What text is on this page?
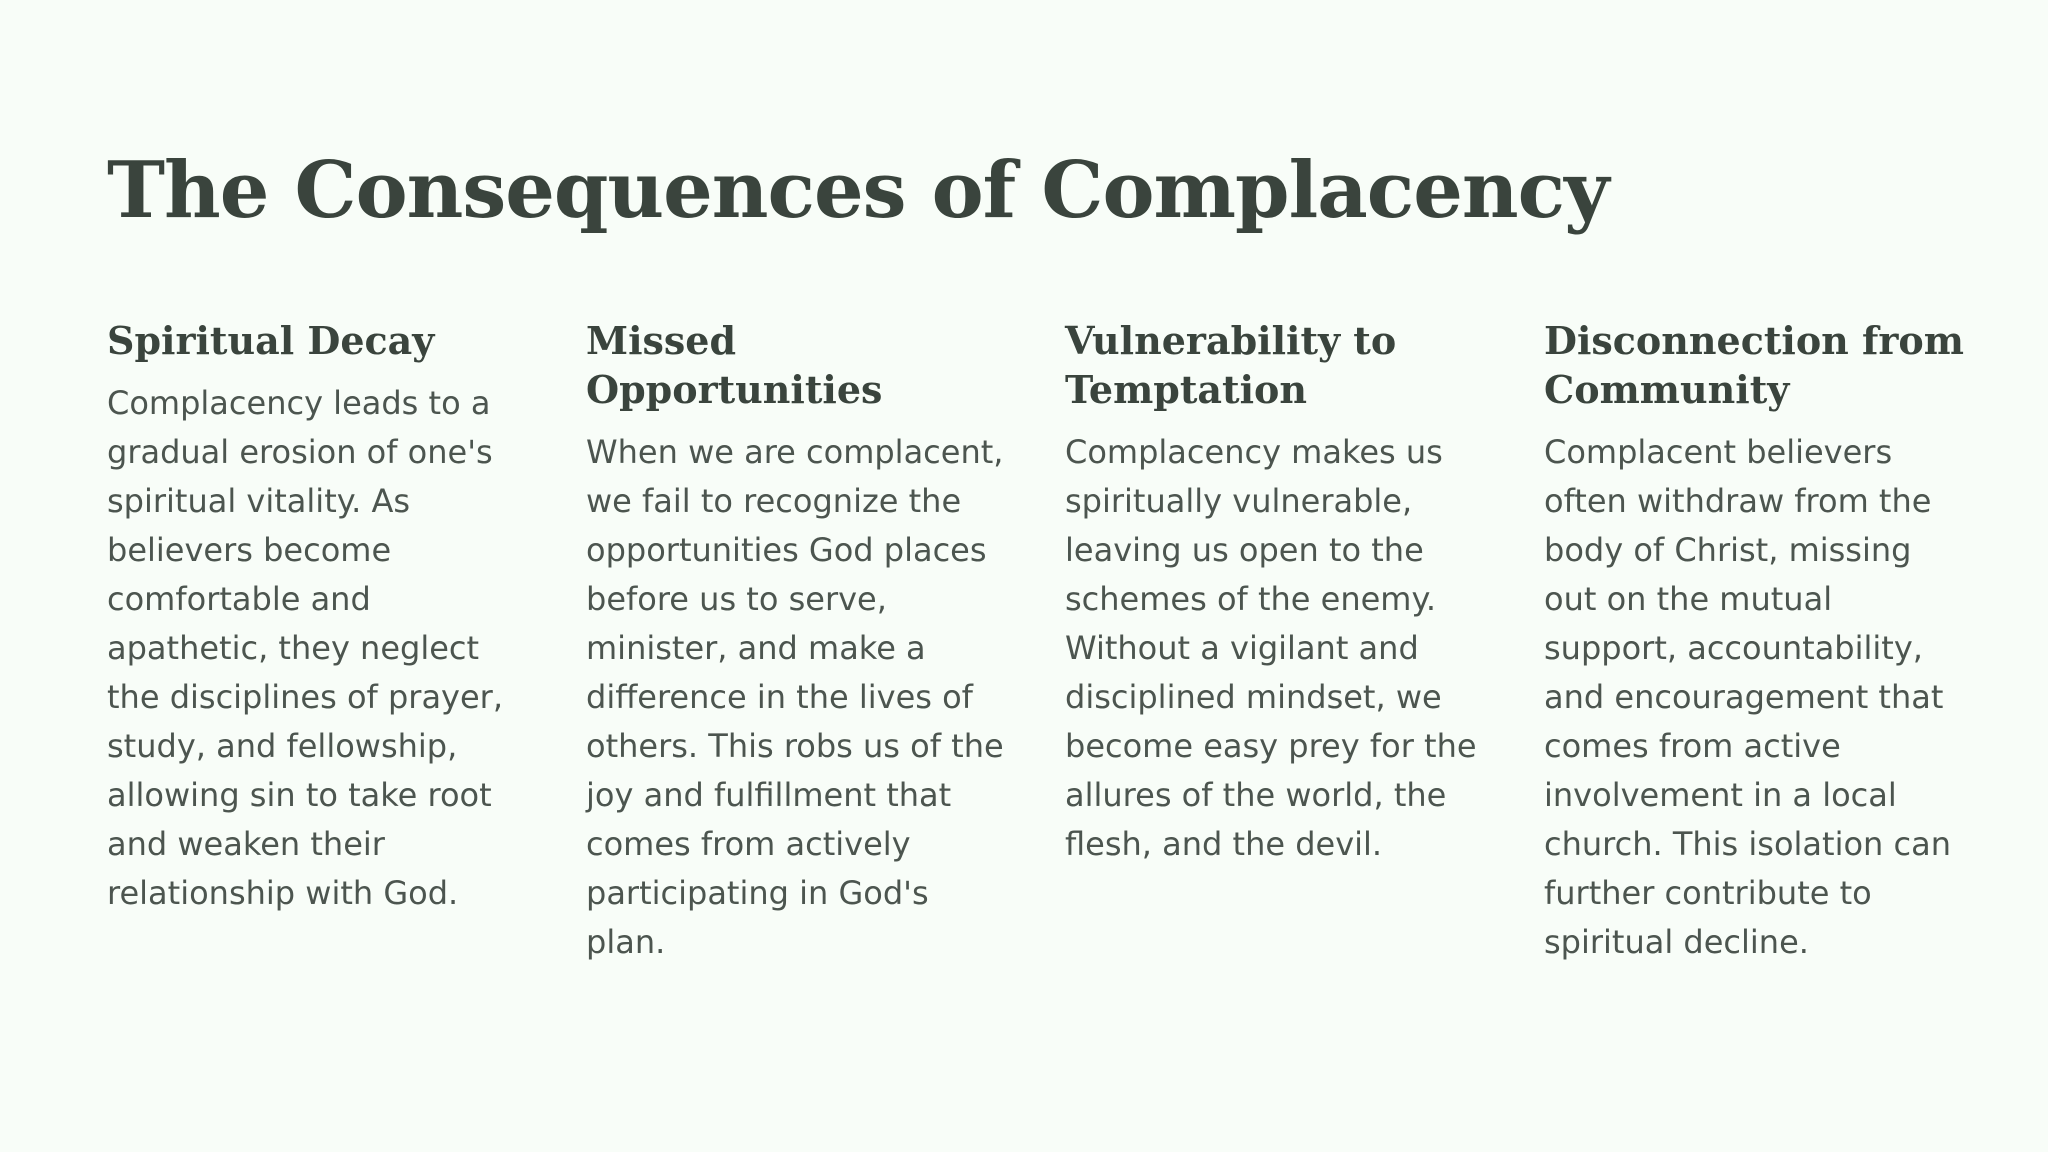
The Consequences of Complacency
Spiritual Decay

Complacency leads to a gradual erosion of one's spiritual vitality. As believers become comfortable and apathetic, they neglect the disciplines of prayer, study, and fellowship, allowing sin to take root and weaken their relationship with God.

Missed Opportunities

When we are complacent, we fail to recognize the opportunities God places before us to serve, minister, and make a difference in the lives of others. This robs us of the joy and fulfillment that comes from actively participating in God's plan.

Vulnerability to Temptation

Complacency makes us spiritually vulnerable, leaving us open to the schemes of the enemy. Without a vigilant and disciplined mindset, we become easy prey for the allures of the world, the flesh, and the devil.

Disconnection from Community

Complacent believers often withdraw from the body of Christ, missing out on the mutual support, accountability, and encouragement that comes from active involvement in a local church. This isolation can further contribute to spiritual decline.
